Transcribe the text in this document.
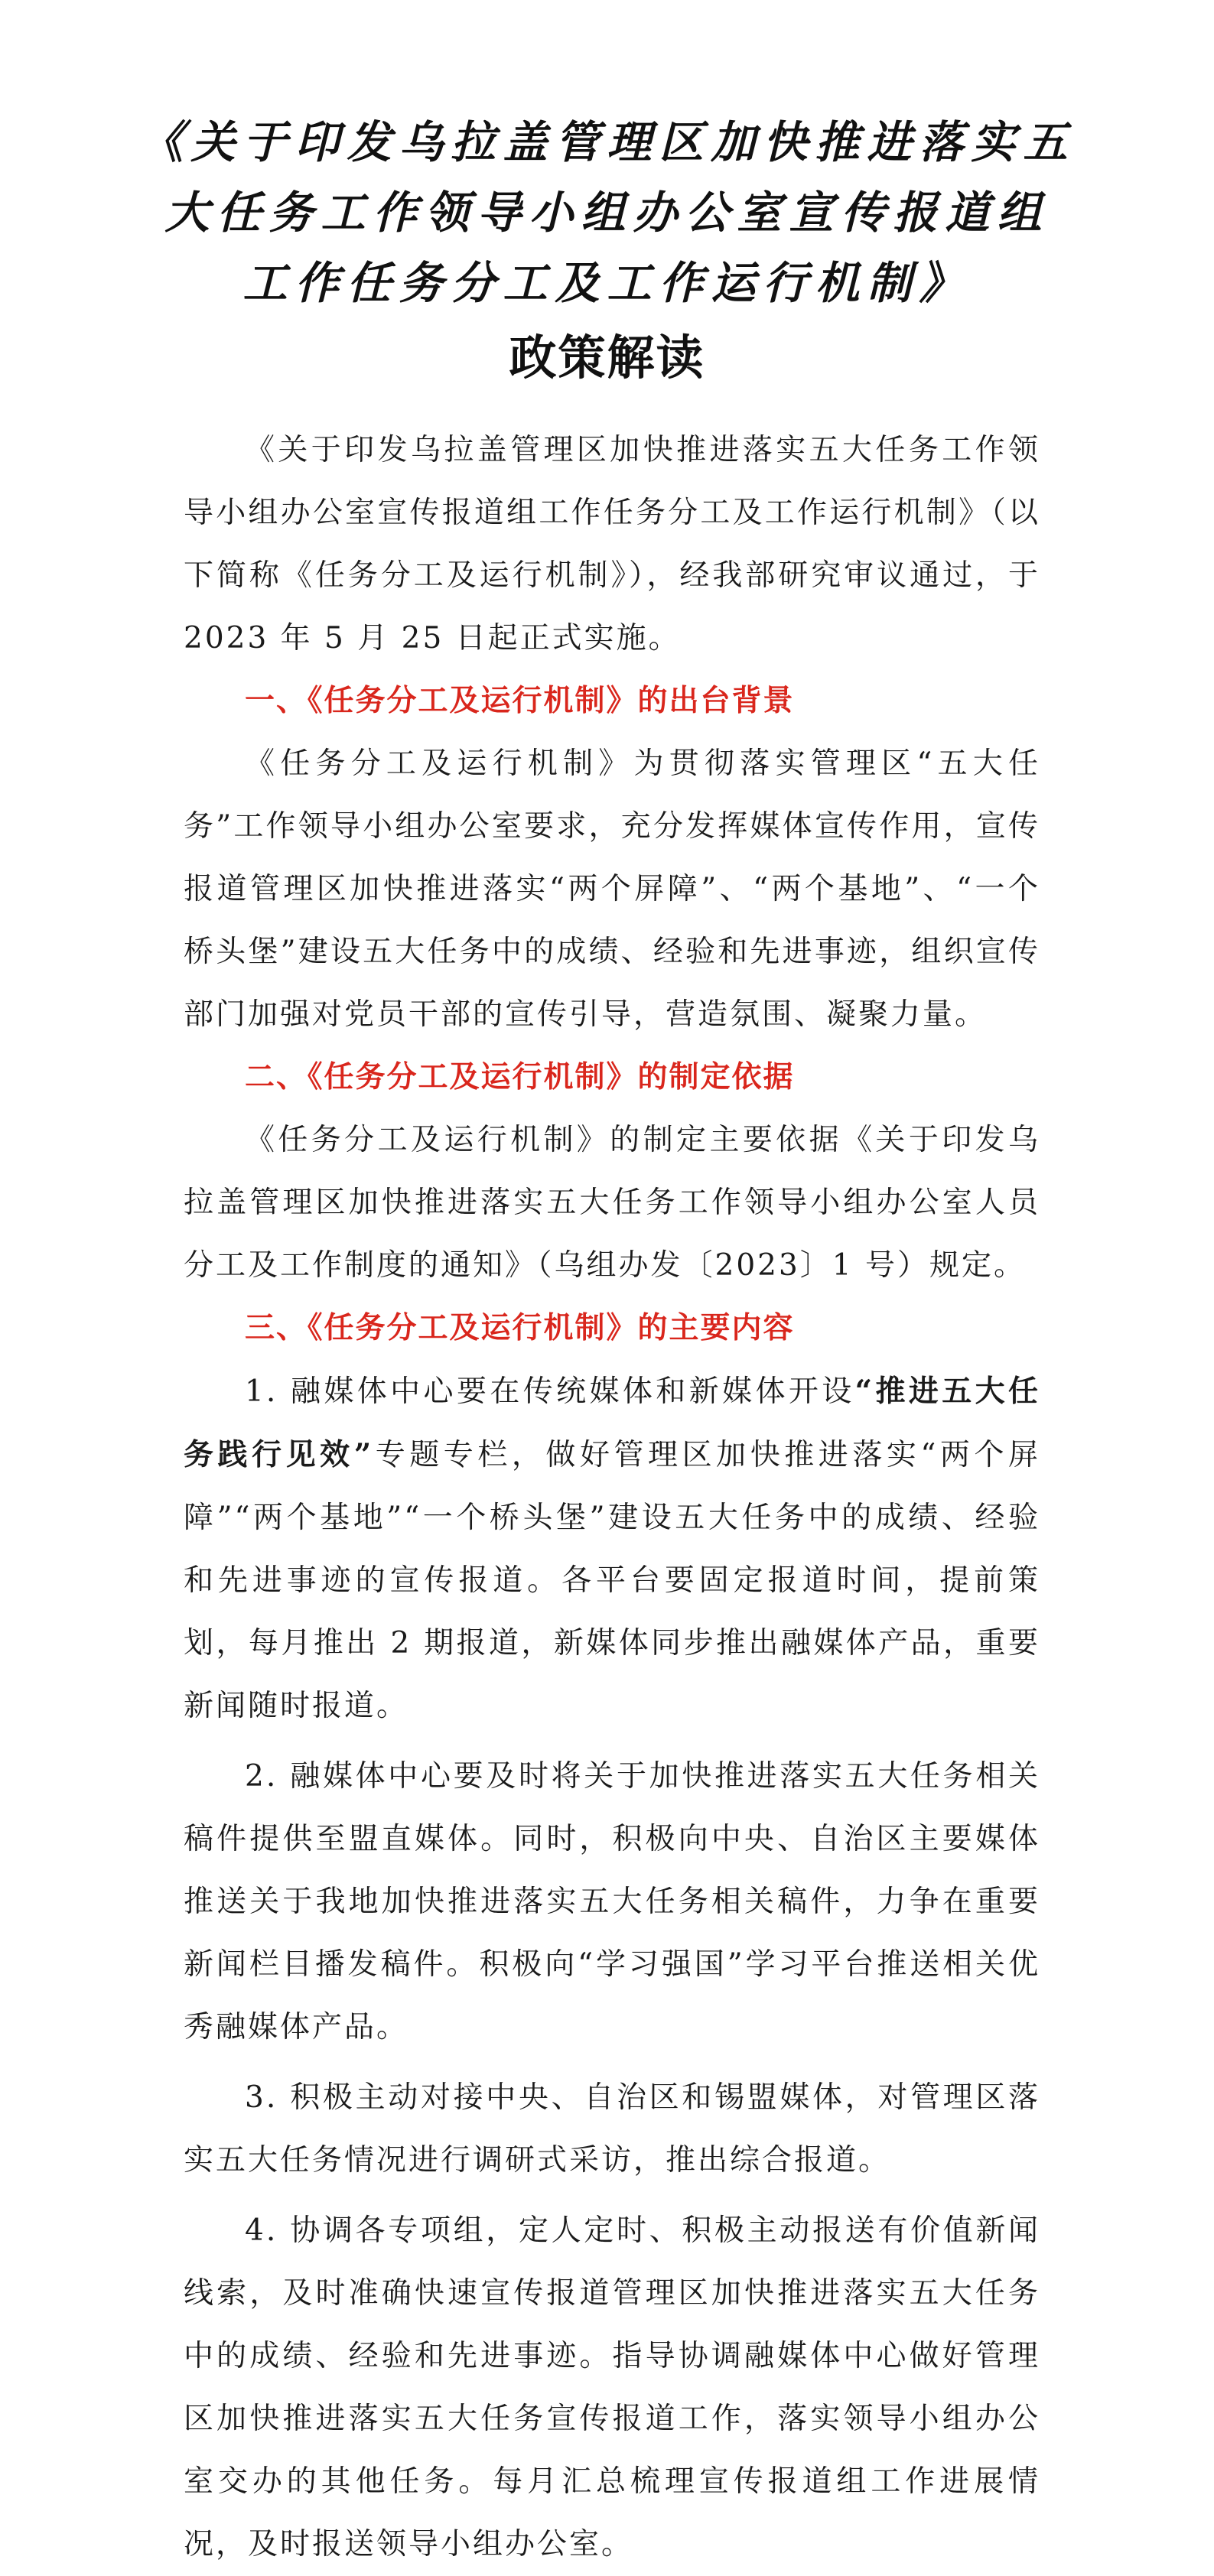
《关于印发乌拉盖管理区加快推进落实五
大任务工作领导小组办公室宣传报道组
工作任务分工及工作运行机制》
政策解读

《关于印发乌拉盖管理区加快推进落实五大任务工作领导小组办公室宣传报道组工作任务分工及工作运行机制》（以下简称《任务分工及运行机制》），经我部研究审议通过，于 2023 年 5 月 25 日起正式实施。

一、《任务分工及运行机制》的出台背景

《任务分工及运行机制》为贯彻落实管理区“五大任务”工作领导小组办公室要求，充分发挥媒体宣传作用，宣传报道管理区加快推进落实“两个屏障”、“两个基地”、“一个桥头堡”建设五大任务中的成绩、经验和先进事迹，组织宣传部门加强对党员干部的宣传引导，营造氛围、凝聚力量。

二、《任务分工及运行机制》的制定依据

《任务分工及运行机制》的制定主要依据《关于印发乌拉盖管理区加快推进落实五大任务工作领导小组办公室人员分工及工作制度的通知》（乌组办发〔2023〕1 号）规定。

三、《任务分工及运行机制》的主要内容

1. 融媒体中心要在传统媒体和新媒体开设“推进五大任务践行见效”专题专栏，做好管理区加快推进落实“两个屏障”“两个基地”“一个桥头堡”建设五大任务中的成绩、经验和先进事迹的宣传报道。各平台要固定报道时间，提前策划，每月推出 2 期报道，新媒体同步推出融媒体产品，重要新闻随时报道。

2. 融媒体中心要及时将关于加快推进落实五大任务相关稿件提供至盟直媒体。同时，积极向中央、自治区主要媒体推送关于我地加快推进落实五大任务相关稿件，力争在重要新闻栏目播发稿件。积极向“学习强国”学习平台推送相关优秀融媒体产品。

3. 积极主动对接中央、自治区和锡盟媒体，对管理区落实五大任务情况进行调研式采访，推出综合报道。

4. 协调各专项组，定人定时、积极主动报送有价值新闻线索，及时准确快速宣传报道管理区加快推进落实五大任务中的成绩、经验和先进事迹。指导协调融媒体中心做好管理区加快推进落实五大任务宣传报道工作，落实领导小组办公室交办的其他任务。每月汇总梳理宣传报道组工作进展情况，及时报送领导小组办公室。
